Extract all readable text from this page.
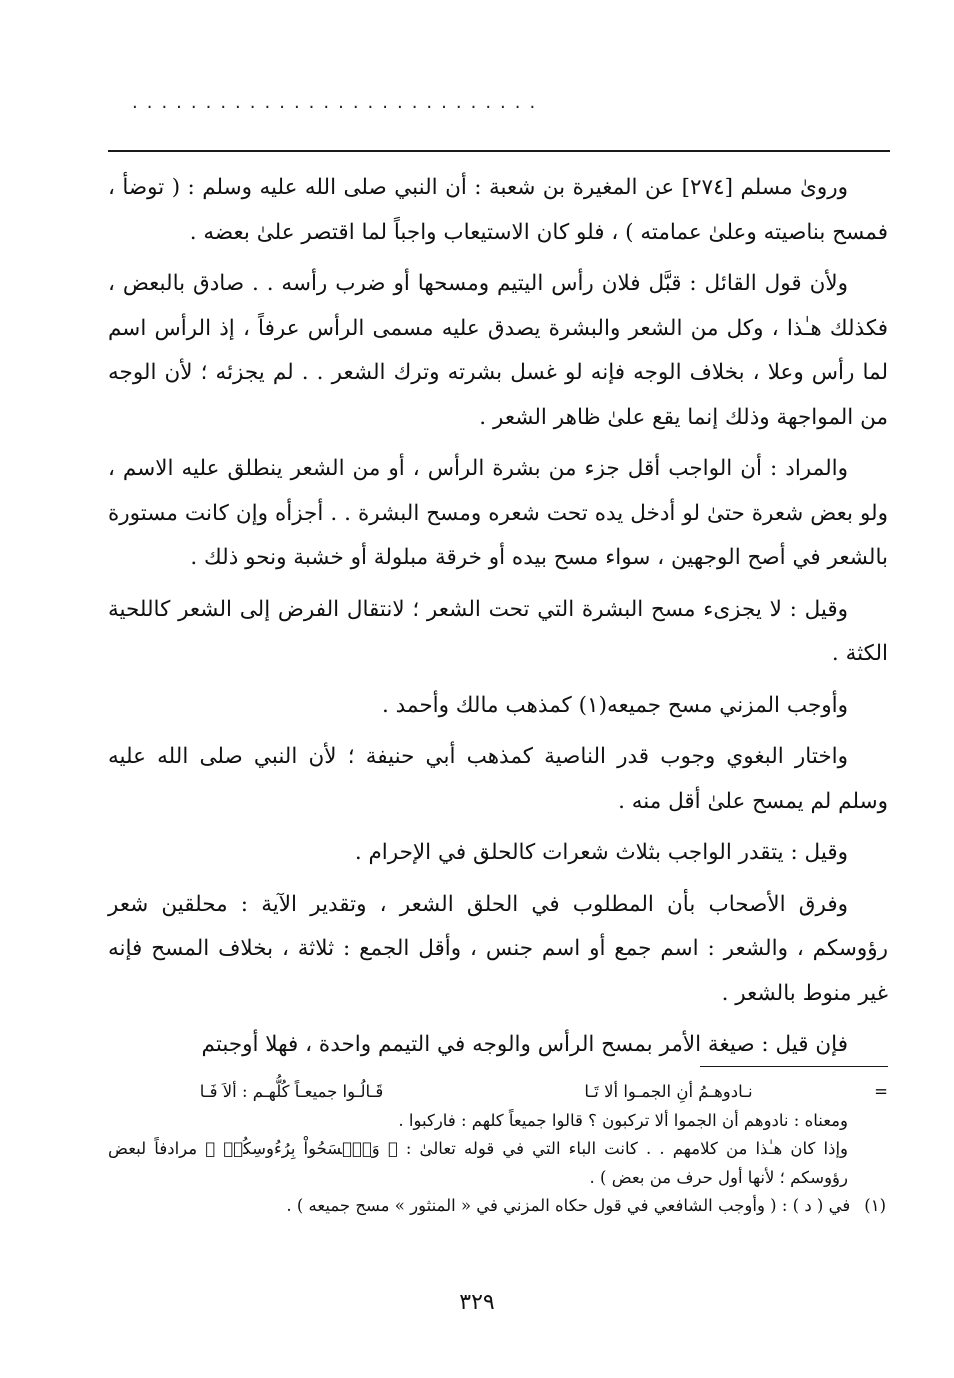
............................

وروىٰ مسلم [٢٧٤] عن المغيرة بن شعبة : أن النبي صلى الله عليه وسلم : ( توضأ ، فمسح بناصيته وعلىٰ عمامته ) ، فلو كان الاستيعاب واجباً لما اقتصر علىٰ بعضه .

ولأن قول القائل : قبَّل فلان رأس اليتيم ومسحها أو ضرب رأسه . . صادق بالبعض ، فكذلك هـٰذا ، وكل من الشعر والبشرة يصدق عليه مسمى الرأس عرفاً ، إذ الرأس اسم لما رأس وعلا ، بخلاف الوجه فإنه لو غسل بشرته وترك الشعر . . لم يجزئه ؛ لأن الوجه من المواجهة وذلك إنما يقع علىٰ ظاهر الشعر .

والمراد : أن الواجب أقل جزء من بشرة الرأس ، أو من الشعر ينطلق عليه الاسم ، ولو بعض شعرة حتىٰ لو أدخل يده تحت شعره ومسح البشرة . . أجزأه وإن كانت مستورة بالشعر في أصح الوجهين ، سواء مسح بيده أو خرقة مبلولة أو خشبة ونحو ذلك .

وقيل : لا يجزىء مسح البشرة التي تحت الشعر ؛ لانتقال الفرض إلى الشعر كاللحية الكثة .

وأوجب المزني مسح جميعه(١) كمذهب مالك وأحمد .

واختار البغوي وجوب قدر الناصية كمذهب أبي حنيفة ؛ لأن النبي صلى الله عليه وسلم لم يمسح علىٰ أقل منه .

وقيل : يتقدر الواجب بثلاث شعرات كالحلق في الإحرام .

وفرق الأصحاب بأن المطلوب في الحلق الشعر ، وتقدير الآية : محلقين شعر رؤوسكم ، والشعر : اسم جمع أو اسم جنس ، وأقل الجمع : ثلاثة ، بخلاف المسح فإنه غير منوط بالشعر .

فإن قيل : صيغة الأمر بمسح الرأس والوجه في التيمم واحدة ، فهلا أوجبتم

=
نـادوهـمُ أنِ الجمـوا ألا تَـا
قَـالُـوا جميعـاً كُلُّهـم : ألاَ فَـا

ومعناه : نادوهم أن الجموا ألا تركبون ؟ قالوا جميعاً كلهم : فاركبوا .

وإذا كان هـٰذا من كلامهم . . كانت الباء التي في قوله تعالىٰ : ﴿ وَٱمۡسَحُواْ بِرُءُوسِكُمۡ ﴾ مرادفاً لبعض رؤوسكم ؛ لأنها أول حرف من بعض ) .

(١)
في ( د ) : ( وأوجب الشافعي في قول حكاه المزني في « المنثور » مسح جميعه ) .
٣٢٩
